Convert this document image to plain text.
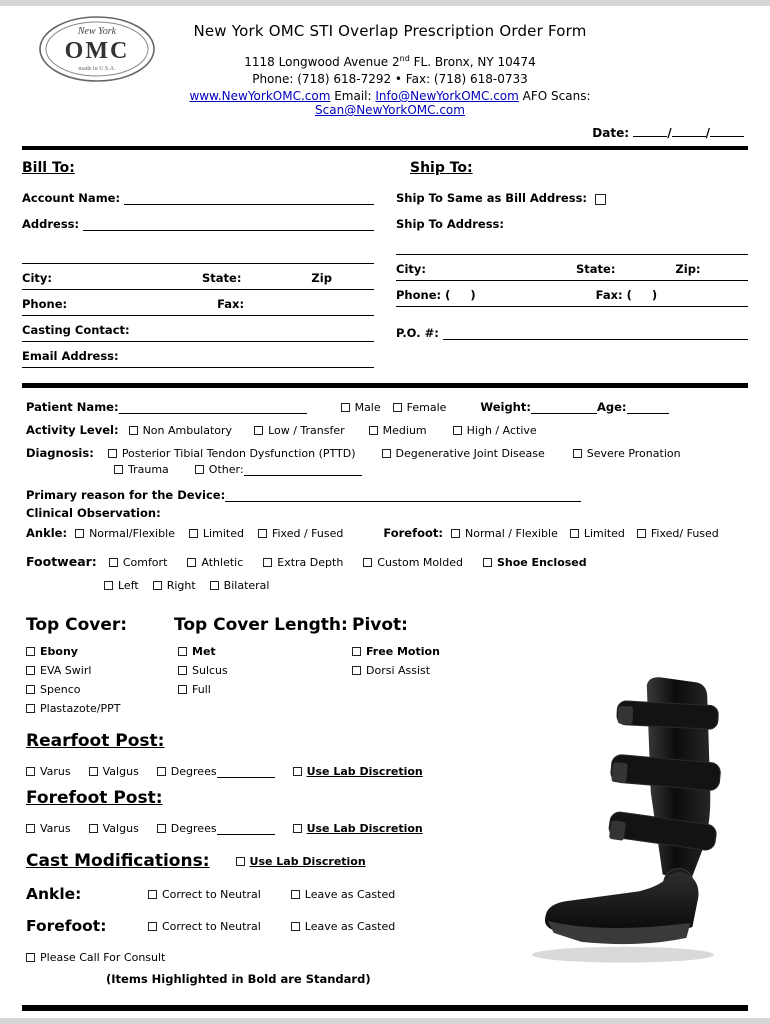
New York
OMC
made in U.S.A.
New York OMC STI Overlap Prescription Order Form
1118 Longwood Avenue 2nd FL. Bronx, NY 10474
Phone: (718) 618-7292 • Fax: (718) 618-0733
www.NewYorkOMC.com Email: Info@NewYorkOMC.com AFO Scans: Scan@NewYorkOMC.com
Date:	/	/
Bill To:
Account Name:
Address:
City:	State:	Zip
Phone:	Fax:
Casting Contact:
Email Address:
Ship To:
Ship To Same as Bill Address:
Ship To Address:

City:	State:	Zip:
Phone: (     )	Fax: (     )
P.O. #:
Patient Name:	Male Female	Weight:	Age:
Activity Level: Non Ambulatory	Low / Transfer	Medium	High / Active
Diagnosis:	Posterior Tibial Tendon Dysfunction (PTTD)	Degenerative Joint Disease	Severe Pronation
Trauma	Other:
Primary reason for the Device:
Clinical Observation:
Ankle: Normal/Flexible	Limited	Fixed / Fused	Forefoot: Normal / Flexible Limited Fixed/ Fused
Footwear: Comfort	Athletic	Extra Depth	Custom Molded	Shoe Enclosed
Left	Right	Bilateral
Top Cover:
Ebony
EVA Swirl
Spenco
Plastazote/PPT
Top Cover Length:
Met
Sulcus
Full
Pivot:
Free Motion
Dorsi Assist
Rearfoot Post:
Varus	Valgus	Degrees	Use Lab Discretion
Forefoot Post:
Varus	Valgus	Degrees	Use Lab Discretion
Cast Modifications:	Use Lab Discretion
Ankle:	Correct to Neutral	Leave as Casted
Forefoot:	Correct to Neutral	Leave as Casted
Please Call For Consult
(Items Highlighted in Bold are Standard)
